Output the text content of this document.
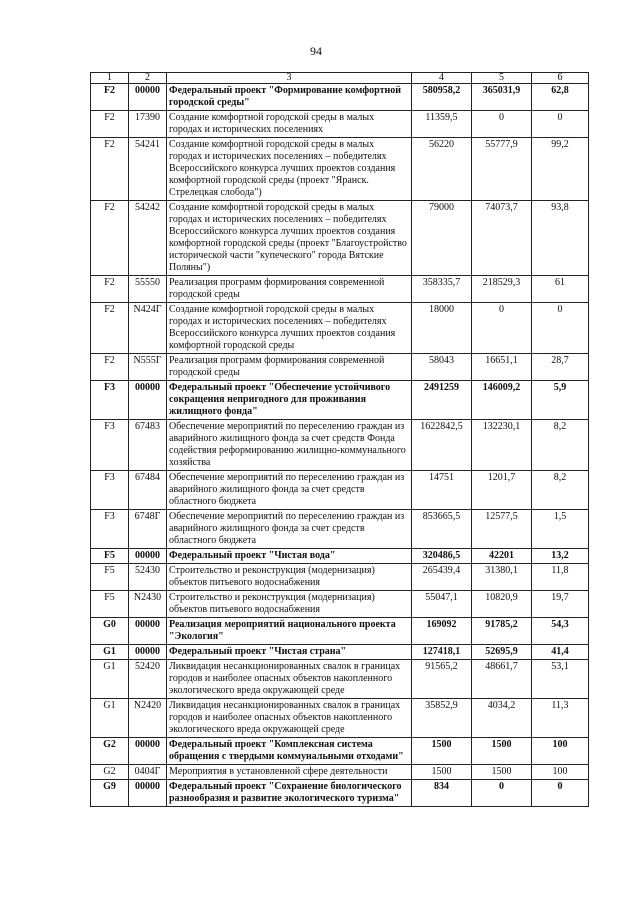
94
1	2	3	4	5	6
F2	00000	Федеральный проект "Формирование комфортной городской среды"	580958,2	365031,9	62,8
F2	17390	Создание комфортной городской среды в малых городах и исторических поселениях	11359,5	0	0
F2	54241	Создание комфортной городской среды в малых городах и исторических поселениях – победителях Всероссийского конкурса лучших проектов создания комфортной городской среды (проект "Яранск. Стрелецкая слобода")	56220	55777,9	99,2
F2	54242	Создание комфортной городской среды в малых городах и исторических поселениях – победителях Всероссийского конкурса лучших проектов создания комфортной городской среды (проект "Благоустройство исторической части "купеческого" города Вятские Поляны")	79000	74073,7	93,8
F2	55550	Реализация программ формирования современной городской среды	358335,7	218529,3	61
F2	N424Г	Создание комфортной городской среды в малых городах и исторических поселениях – победителях Всероссийского конкурса лучших проектов создания комфортной городской среды	18000	0	0
F2	N555Г	Реализация программ формирования современной городской среды	58043	16651,1	28,7
F3	00000	Федеральный проект "Обеспечение устойчивого сокращения непригодного для проживания жилищного фонда"	2491259	146009,2	5,9
F3	67483	Обеспечение мероприятий по переселению граждан из аварийного жилищного фонда за счет средств Фонда содействия реформированию жилищно-коммунального хозяйства	1622842,5	132230,1	8,2
F3	67484	Обеспечение мероприятий по переселению граждан из аварийного жилищного фонда за счет средств областного бюджета	14751	1201,7	8,2
F3	6748Г	Обеспечение мероприятий по переселению граждан из аварийного жилищного фонда за счет средств областного бюджета	853665,5	12577,5	1,5
F5	00000	Федеральный проект "Чистая вода"	320486,5	42201	13,2
F5	52430	Строительство и реконструкция (модернизация) объектов питьевого водоснабжения	265439,4	31380,1	11,8
F5	N2430	Строительство и реконструкция (модернизация) объектов питьевого водоснабжения	55047,1	10820,9	19,7
G0	00000	Реализация мероприятий национального проекта "Экология"	169092	91785,2	54,3
G1	00000	Федеральный проект "Чистая страна"	127418,1	52695,9	41,4
G1	52420	Ликвидация несанкционированных свалок в границах городов и наиболее опасных объектов накопленного экологического вреда окружающей среде	91565,2	48661,7	53,1
G1	N2420	Ликвидация несанкционированных свалок в границах городов и наиболее опасных объектов накопленного экологического вреда окружающей среде	35852,9	4034,2	11,3
G2	00000	Федеральный проект "Комплексная система обращения с твердыми коммунальными отходами"	1500	1500	100
G2	0404Г	Мероприятия в установленной сфере деятельности	1500	1500	100
G9	00000	Федеральный проект "Сохранение биологического разнообразия и развитие экологического туризма"	834	0	0
